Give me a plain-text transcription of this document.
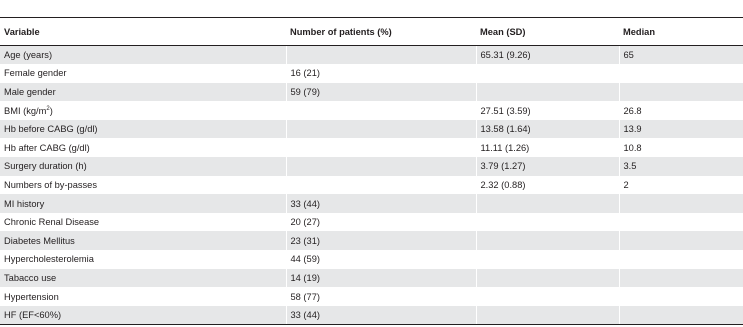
Variable	Number of patients (%)	Mean (SD)	Median
Age (years)		65.31 (9.26)	65
Female gender	16 (21)		
Male gender	59 (79)		
BMI $(kg/m^2)$		27.51 (3.59)	26.8
Hb before CABG (g/dl)		13.58 (1.64)	13.9
Hb after CABG (g/dl)		11.11 (1.26)	10.8
Surgery duration (h)		3.79 (1.27)	3.5
Numbers of by-passes		2.32 (0.88)	2
MI history	33 (44)		
Chronic Renal Disease	20 (27)		
Diabetes Mellitus	23 (31)		
Hypercholesterolemia	44 (59)		
Tabacco use	14 (19)		
Hypertension	58 (77)		
HF (EF<60%)	33 (44)		
